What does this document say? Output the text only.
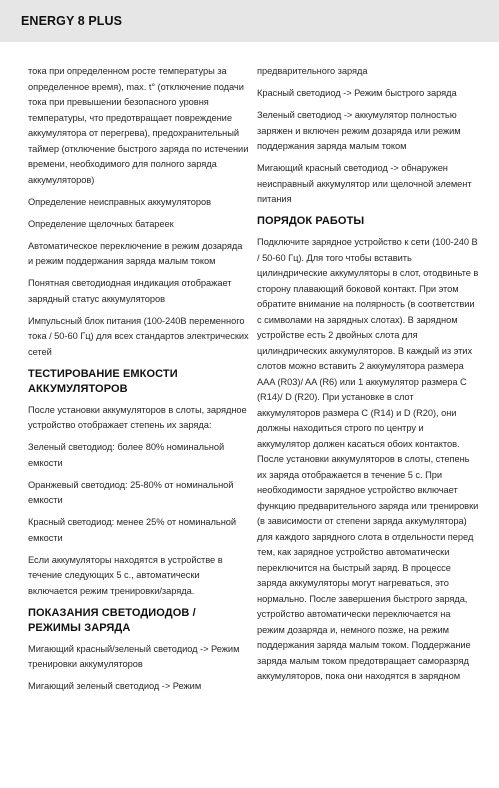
ENERGY 8 PLUS

тока при определенном росте температуры за определенное время), max. t° (отключение подачи тока при превышении безопасного уровня температуры, что предотвращает повреждение аккумулятора от перегрева), предохранительный таймер (отключение быстрого заряда по истечении времени, необходимого для полного заряда аккумуляторов)

Определение неисправных аккумуляторов

Определение щелочных батареек

Автоматическое переключение в режим дозаряда и режим поддержания заряда малым током

Понятная светодиодная индикация отображает зарядный статус аккумуляторов

Импульсный блок питания (100-240В переменного тока / 50-60 Гц) для всех стандартов электрических сетей

ТЕСТИРОВАНИЕ ЕМКОСТИ АККУМУЛЯТОРОВ

После установки аккумуляторов в слоты, зарядное устройство отображает степень их заряда:

Зеленый светодиод: более 80% номинальной емкости

Оранжевый светодиод: 25-80% от номинальной емкости

Красный светодиод: менее 25% от номинальной емкости

Если аккумуляторы находятся в устройстве в течение следующих 5 с., автоматически включается режим тренировки/заряда.

ПОКАЗАНИЯ СВЕТОДИОДОВ / РЕЖИМЫ ЗАРЯДА

Мигающий красный/зеленый светодиод -> Режим тренировки аккумуляторов

Мигающий зеленый светодиод -> Режим

предварительного заряда

Красный светодиод -> Режим быстрого заряда

Зеленый светодиод -> аккумулятор полностью заряжен и включен режим дозаряда или режим поддержания заряда малым током

Мигающий красный светодиод -> обнаружен неисправный аккумулятор или щелочной элемент питания

ПОРЯДОК РАБОТЫ

Подключите зарядное устройство к сети (100-240 В / 50-60 Гц). Для того чтобы вставить цилиндрические аккумуляторы в слот, отодвиньте в сторону плавающий боковой контакт. При этом обратите внимание на полярность (в соответствии с символами на зарядных слотах). В зарядном устройстве есть 2 двойных слота для цилиндрических аккумуляторов. В каждый из этих слотов можно вставить 2 аккумулятора размера AAA (R03)/ AA (R6) или 1 аккумулятор размера C (R14)/ D (R20). При установке в слот аккумуляторов размера C (R14) и D (R20), они должны находиться строго по центру и аккумулятор должен касаться обоих контактов. После установки аккумуляторов в слоты, степень их заряда отображается в течение 5 с. При необходимости зарядное устройство включает функцию предварительного заряда или тренировки (в зависимости от степени заряда аккумулятора) для каждого зарядного слота в отдельности перед тем, как зарядное устройство автоматически переключится на быстрый заряд. В процессе заряда аккумуляторы могут нагреваться, это нормально. После завершения быстрого заряда, устройство автоматически переключается на режим дозаряда и, немного позже, на режим поддержания заряда малым током. Поддержание заряда малым током предотвращает саморазряд аккумуляторов, пока они находятся в зарядном
